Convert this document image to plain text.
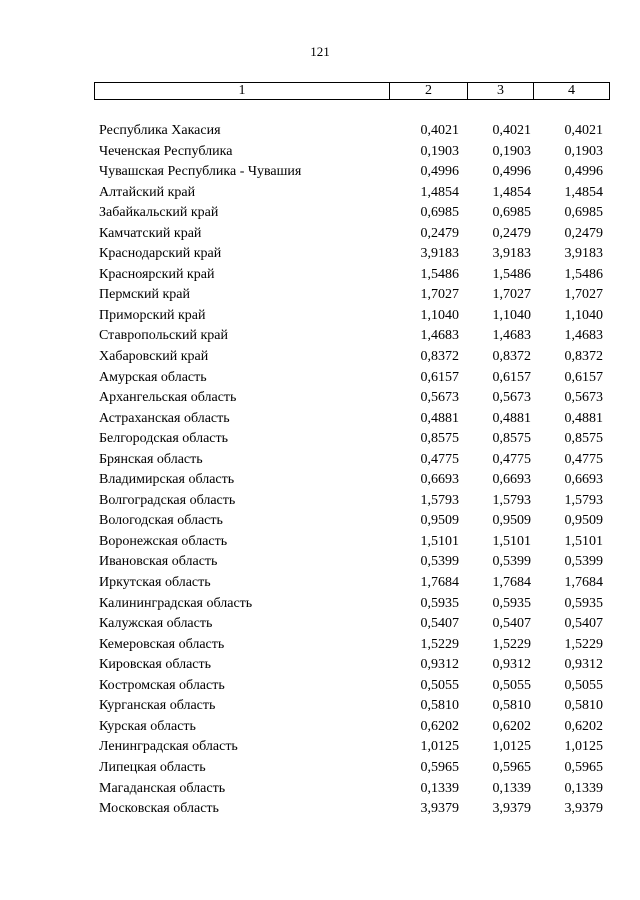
121
1	2	3	4
Республика Хакасия	0,4021 0,4021 0,4021
Чеченская Республика	0,1903 0,1903 0,1903
Чувашская Республика - Чувашия	0,4996 0,4996 0,4996
Алтайский край	1,4854 1,4854 1,4854
Забайкальский край	0,6985 0,6985 0,6985
Камчатский край	0,2479 0,2479 0,2479
Краснодарский край	3,9183 3,9183 3,9183
Красноярский край	1,5486 1,5486 1,5486
Пермский край	1,7027 1,7027 1,7027
Приморский край	1,1040 1,1040 1,1040
Ставропольский край	1,4683 1,4683 1,4683
Хабаровский край	0,8372 0,8372 0,8372
Амурская область	0,6157 0,6157 0,6157
Архангельская область	0,5673 0,5673 0,5673
Астраханская область	0,4881 0,4881 0,4881
Белгородская область	0,8575 0,8575 0,8575
Брянская область	0,4775 0,4775 0,4775
Владимирская область	0,6693 0,6693 0,6693
Волгоградская область	1,5793 1,5793 1,5793
Вологодская область	0,9509 0,9509 0,9509
Воронежская область	1,5101 1,5101 1,5101
Ивановская область	0,5399 0,5399 0,5399
Иркутская область	1,7684 1,7684 1,7684
Калининградская область	0,5935 0,5935 0,5935
Калужская область	0,5407 0,5407 0,5407
Кемеровская область	1,5229 1,5229 1,5229
Кировская область	0,9312 0,9312 0,9312
Костромская область	0,5055 0,5055 0,5055
Курганская область	0,5810 0,5810 0,5810
Курская область	0,6202 0,6202 0,6202
Ленинградская область	1,0125 1,0125 1,0125
Липецкая область	0,5965 0,5965 0,5965
Магаданская область	0,1339 0,1339 0,1339
Московская область	3,9379 3,9379 3,9379
